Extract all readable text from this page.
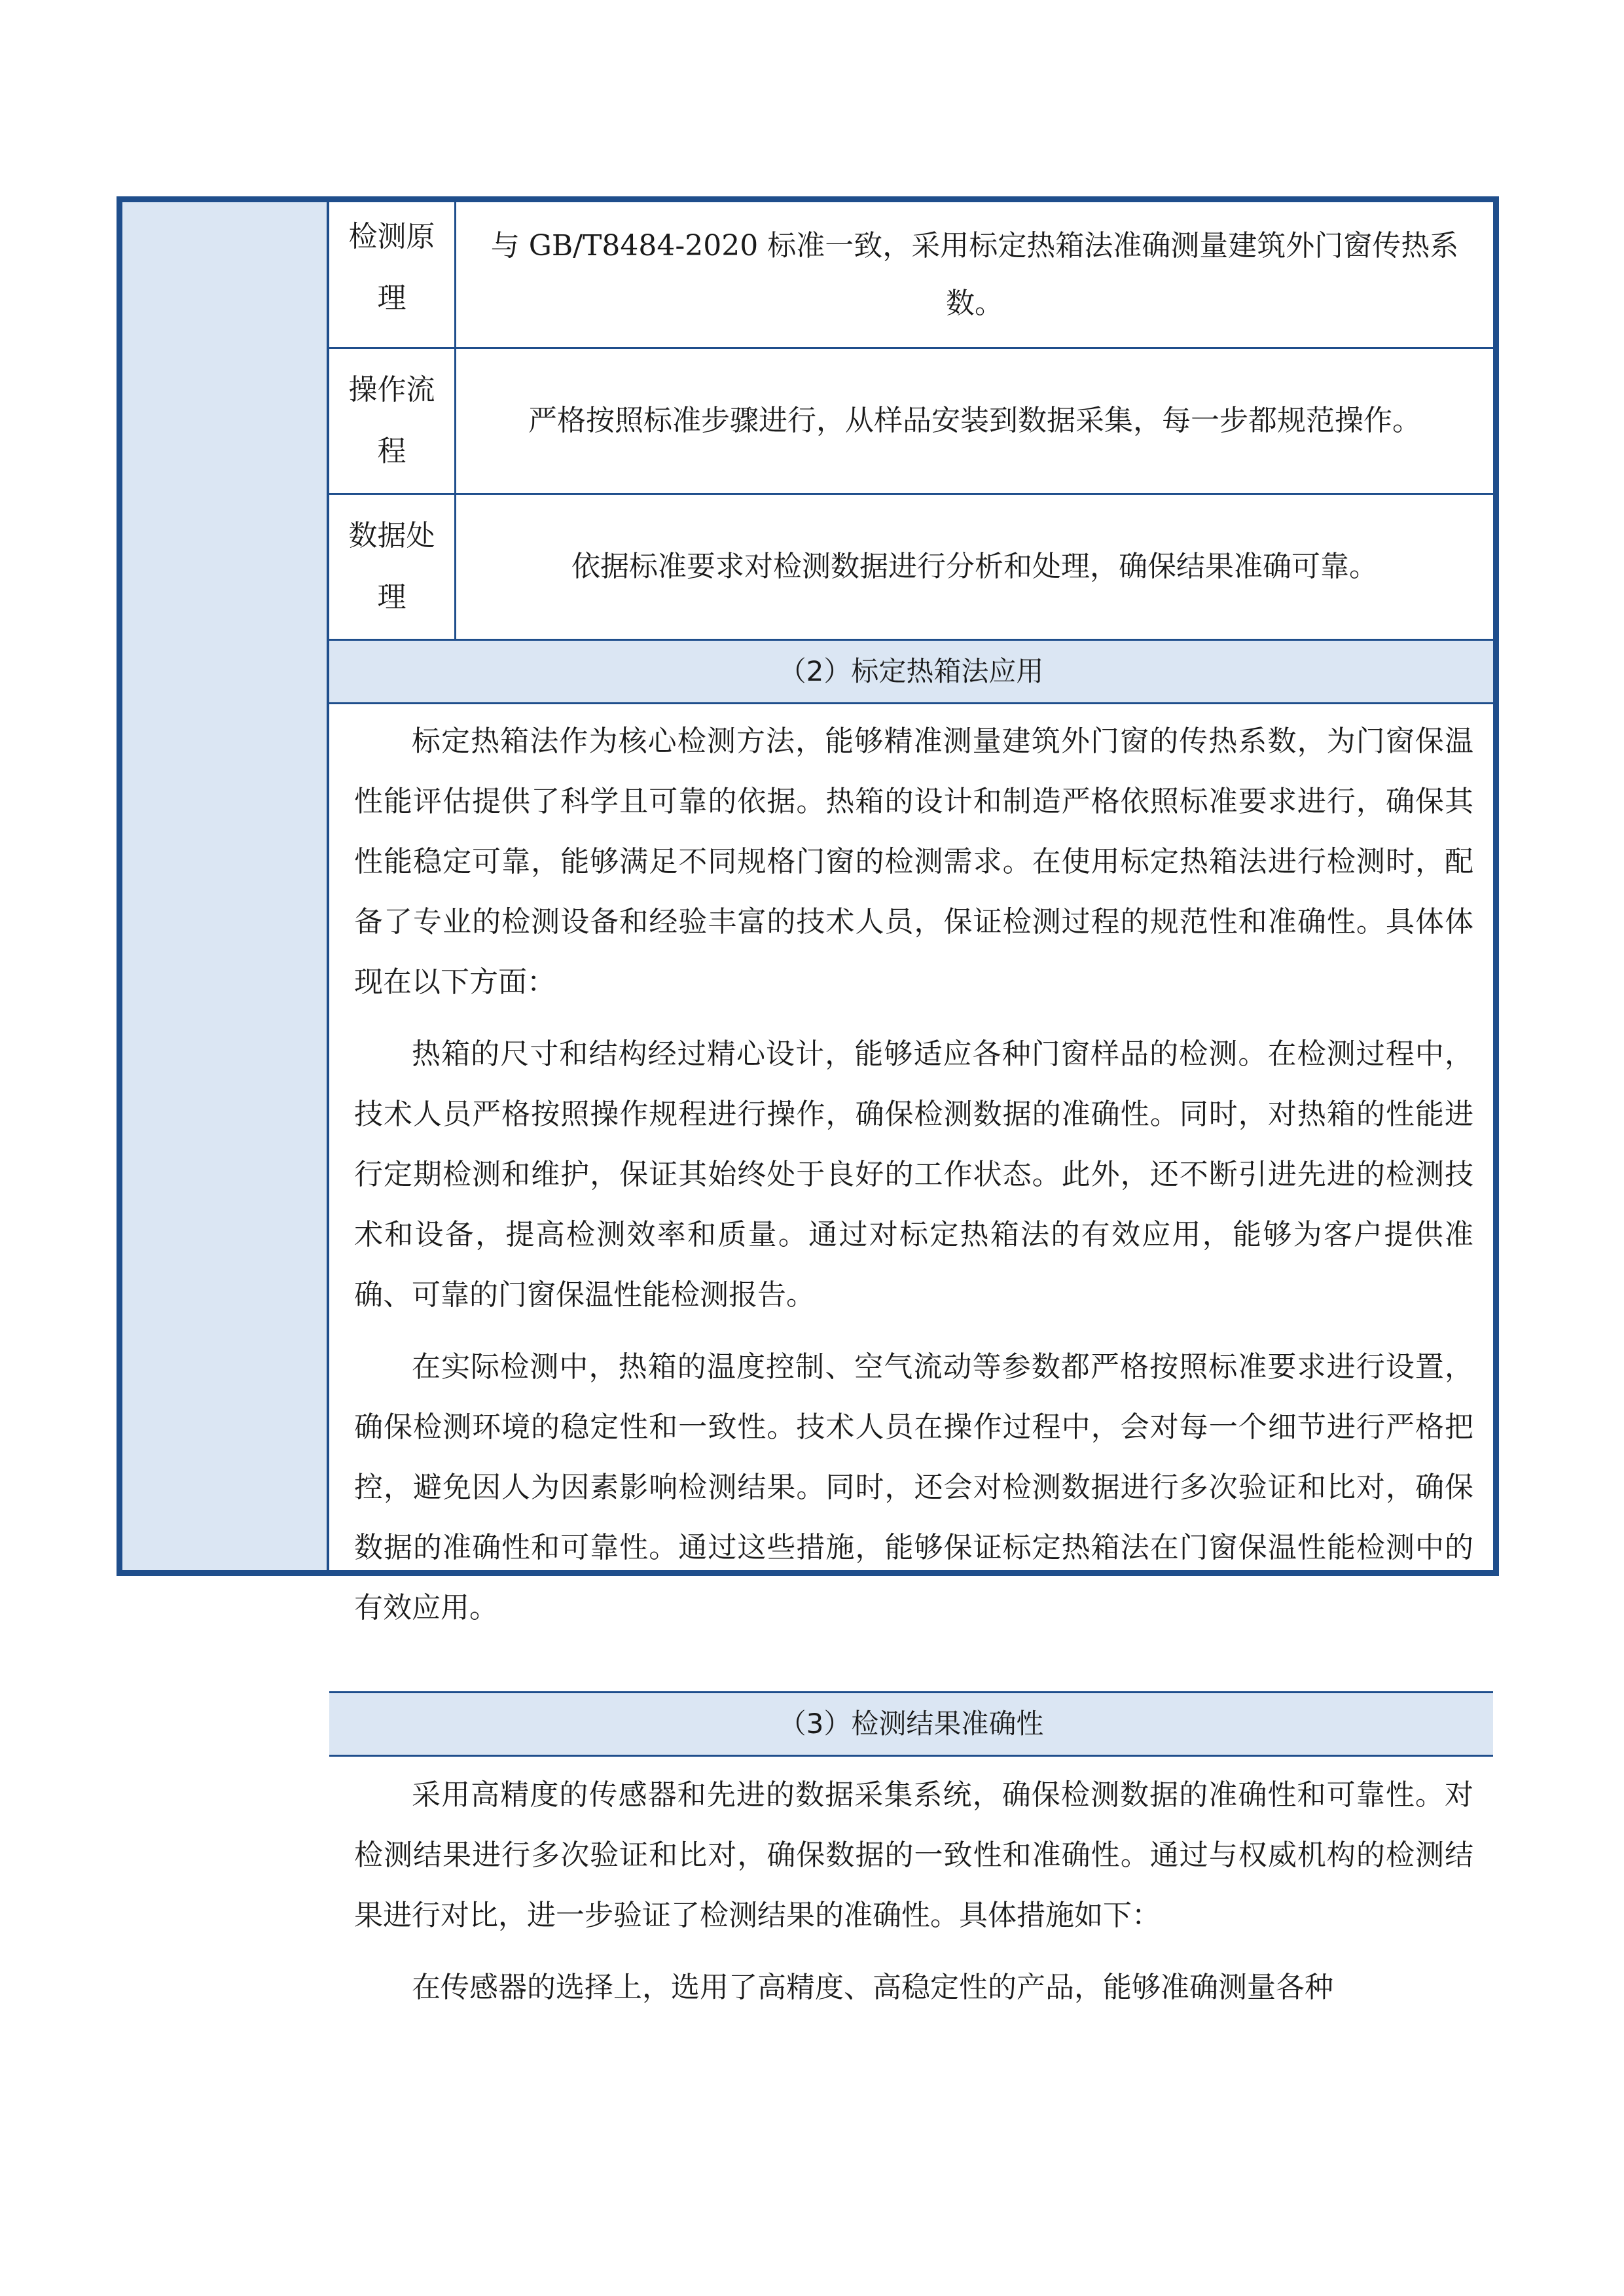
检测原
理
与 GB/T8484-2020 标准一致，采用标定热箱法准确测量建筑外门窗传热系数。
操作流
程
严格按照标准步骤进行，从样品安装到数据采集，每一步都规范操作。
数据处
理
依据标准要求对检测数据进行分析和处理，确保结果准确可靠。
（2）标定热箱法应用

标定热箱法作为核心检测方法，能够精准测量建筑外门窗的传热系数，为门窗保温性能评估提供了科学且可靠的依据。热箱的设计和制造严格依照标准要求进行，确保其性能稳定可靠，能够满足不同规格门窗的检测需求。在使用标定热箱法进行检测时，配备了专业的检测设备和经验丰富的技术人员，保证检测过程的规范性和准确性。具体体现在以下方面：

热箱的尺寸和结构经过精心设计，能够适应各种门窗样品的检测。在检测过程中，技术人员严格按照操作规程进行操作，确保检测数据的准确性。同时，对热箱的性能进行定期检测和维护，保证其始终处于良好的工作状态。此外，还不断引进先进的检测技术和设备，提高检测效率和质量。通过对标定热箱法的有效应用，能够为客户提供准确、可靠的门窗保温性能检测报告。

在实际检测中，热箱的温度控制、空气流动等参数都严格按照标准要求进行设置，确保检测环境的稳定性和一致性。技术人员在操作过程中，会对每一个细节进行严格把控，避免因人为因素影响检测结果。同时，还会对检测数据进行多次验证和比对，确保数据的准确性和可靠性。通过这些措施，能够保证标定热箱法在门窗保温性能检测中的有效应用。

（3）检测结果准确性

采用高精度的传感器和先进的数据采集系统，确保检测数据的准确性和可靠性。对检测结果进行多次验证和比对，确保数据的一致性和准确性。通过与权威机构的检测结果进行对比，进一步验证了检测结果的准确性。具体措施如下：

在传感器的选择上，选用了高精度、高稳定性的产品，能够准确测量各种
